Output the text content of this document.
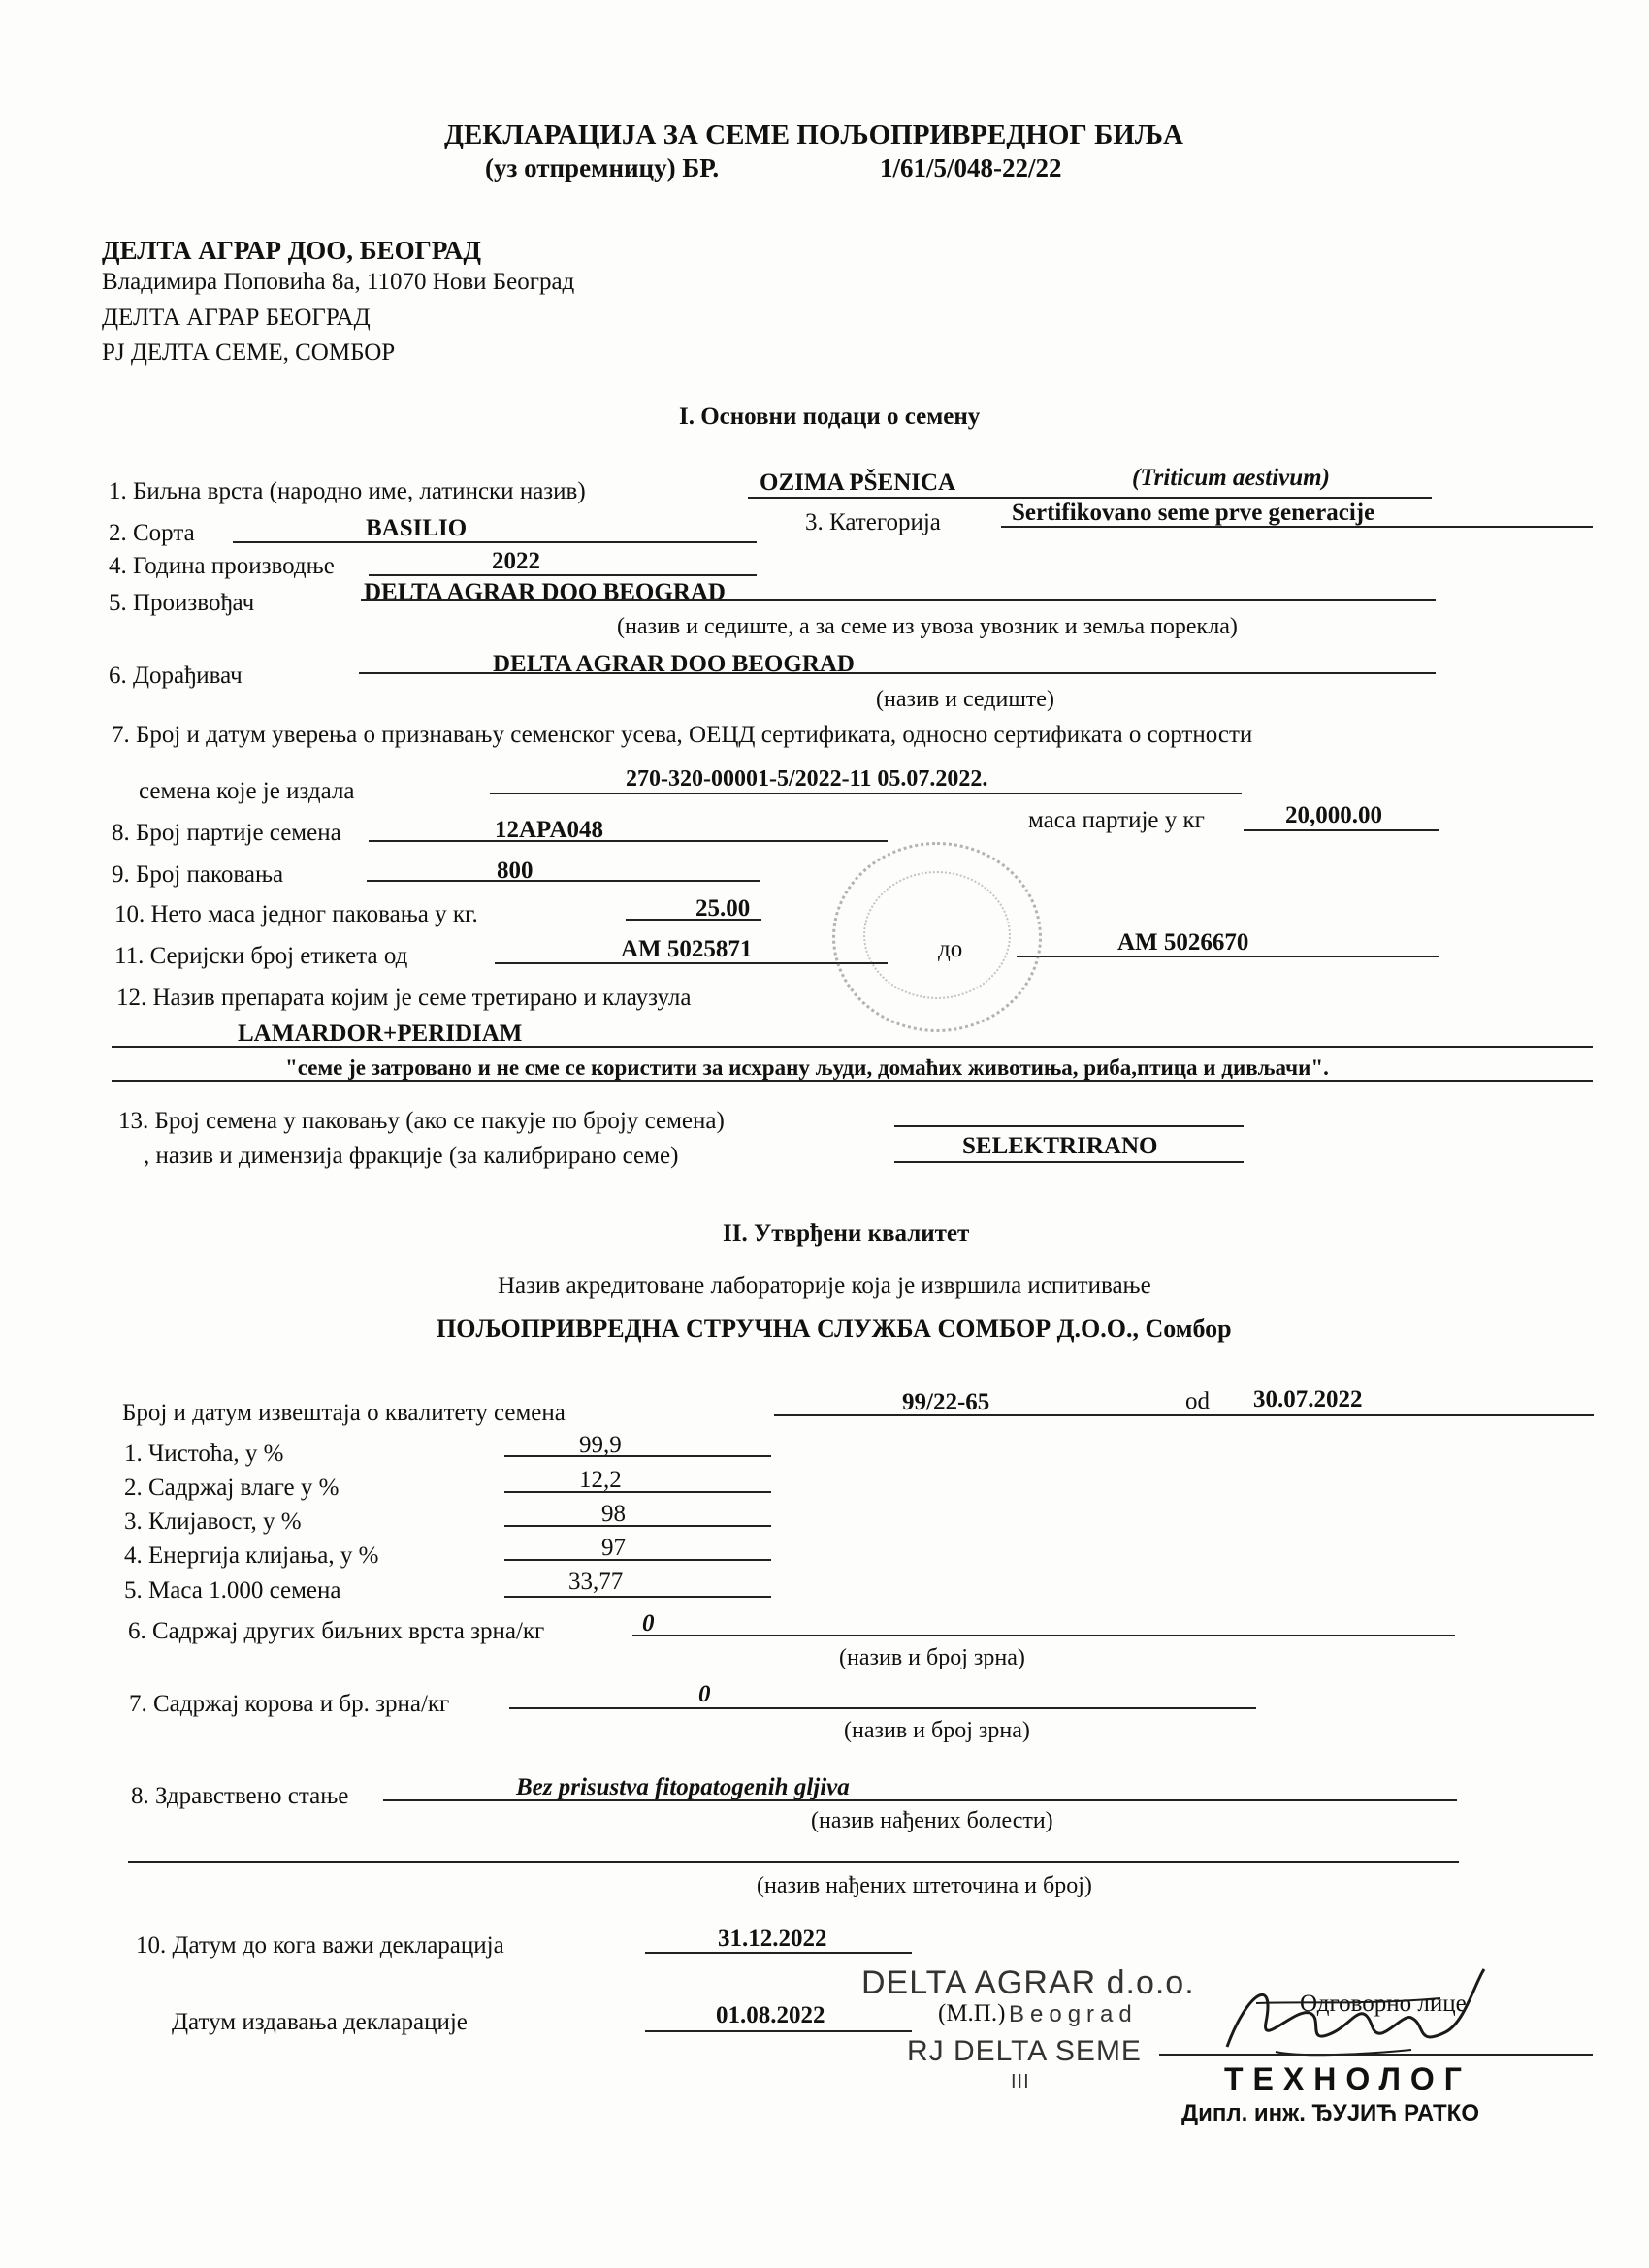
ДЕКЛАРАЦИЈА ЗА СЕМЕ ПОЉОПРИВРЕДНОГ БИЉА
(уз отпремницу) БР.	1/61/5/048-22/22
ДЕЛТА АГРАР ДОО, БЕОГРАД
Владимира Поповића 8а, 11070 Нови Београд
ДЕЛТА АГРАР БЕОГРАД
РЈ ДЕЛТА СЕМЕ, СОМБОР
I. Основни подаци о семену
1. Биљна врста (народно име, латински назив)	OZIMA PŠENICA	(Triticum aestivum)
2. Сорта	BASILIO	3. Категорија	Sertifikovano seme prve generacije
4. Година производње	2022
5. Произвођач	DELTA AGRAR DOO BEOGRAD
(назив и седиште, а за семе из увоза увозник и земља порекла)
6. Дорађивач	DELTA AGRAR DOO BEOGRAD
(назив и седиште)
7. Број и датум уверења о признавању семенског усева, ОЕЦД сертификата, односно сертификата о сортности
семена које је издала	270-320-00001-5/2022-11 05.07.2022.
8. Број партије семена	12APA048	маса партије у кг	20,000.00
9. Број паковања	800
10. Нето маса једног паковања у кг.	25.00
11. Серијски број етикета од	AM 5025871	до	AM 5026670
12. Назив препарата којим је семе третирано и клаузула
LAMARDOR+PERIDIAM
"семе је затровано и не сме се користити за исхрану људи, домаћих животиња, риба,птица и дивљачи".
13. Број семена у паковању (ако се пакује по броју семена)
, назив и димензија фракције (за калибрирано семе)	SELEKTRIRANO
II. Утврђени квалитет
Назив акредитоване лабораторије која је извршила испитивање
ПОЉОПРИВРЕДНА СТРУЧНА СЛУЖБА СОМБОР Д.О.О., Сомбор
Број и датум извештаја о квалитету семена	99/22-65	od 30.07.2022
1. Чистоћа, у %	99,9
2. Садржај влаге у %	12,2
3. Клијавост, у %	98
4. Енергија клијања, у %	97
5. Маса 1.000 семена	33,77
6. Садржај других биљних врста зрна/кг	0
(назив и број зрна)
7. Садржај корова и бр. зрна/кг	0
(назив и број зрна)
8. Здравствено стање	Bez prisustva fitopatogenih gljiva
(назив нађених болести)
(назив нађених штеточина и број)
10. Датум до кога важи декларација	31.12.2022
Датум издавања декларације	01.08.2022
DELTA AGRAR d.o.o.
(М.П.) Beograd
RJ DELTA SEME
III
Одговорно лице
ТЕХНОЛОГ
Дипл. инж. ЂУЈИЋ РАТКО
